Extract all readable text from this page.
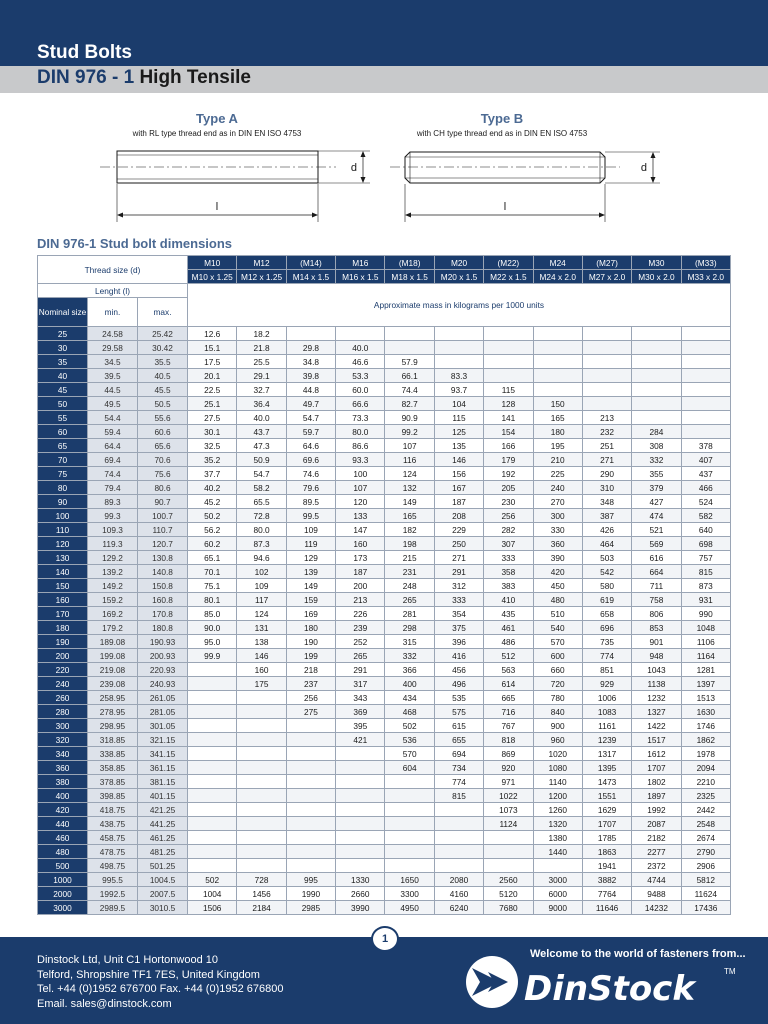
Stud Bolts
DIN 976 - 1 High Tensile
Type A
with RL type thread end as in DIN EN ISO 4753
Type B
with CH type thread end as in DIN EN ISO 4753
d
l
d
l
DIN 976-1 Stud bolt dimensions
Thread size (d)			M10	M12	(M14)	M16	(M18)	M20	(M22)	M24	(M27)	M30	(M33)
			M10 x 1.25	M12 x 1.25	M14 x 1.5	M16 x 1.5	M18 x 1.5	M20 x 1.5	M22 x 1.5	M24 x 2.0	M27 x 2.0	M30 x 2.0	M33 x 2.0
Lenght (l)			Approximate mass in kilograms per 1000 units										
Nominal size	min.	max.											
25	24.58	25.42	12.6	18.2									
30	29.58	30.42	15.1	21.8	29.8	40.0							
35	34.5	35.5	17.5	25.5	34.8	46.6	57.9						
40	39.5	40.5	20.1	29.1	39.8	53.3	66.1	83.3					
45	44.5	45.5	22.5	32.7	44.8	60.0	74.4	93.7	115				
50	49.5	50.5	25.1	36.4	49.7	66.6	82.7	104	128	150			
55	54.4	55.6	27.5	40.0	54.7	73.3	90.9	115	141	165	213		
60	59.4	60.6	30.1	43.7	59.7	80.0	99.2	125	154	180	232	284	
65	64.4	65.6	32.5	47.3	64.6	86.6	107	135	166	195	251	308	378
70	69.4	70.6	35.2	50.9	69.6	93.3	116	146	179	210	271	332	407
75	74.4	75.6	37.7	54.7	74.6	100	124	156	192	225	290	355	437
80	79.4	80.6	40.2	58.2	79.6	107	132	167	205	240	310	379	466
90	89.3	90.7	45.2	65.5	89.5	120	149	187	230	270	348	427	524
100	99.3	100.7	50.2	72.8	99.5	133	165	208	256	300	387	474	582
110	109.3	110.7	56.2	80.0	109	147	182	229	282	330	426	521	640
120	119.3	120.7	60.2	87.3	119	160	198	250	307	360	464	569	698
130	129.2	130.8	65.1	94.6	129	173	215	271	333	390	503	616	757
140	139.2	140.8	70.1	102	139	187	231	291	358	420	542	664	815
150	149.2	150.8	75.1	109	149	200	248	312	383	450	580	711	873
160	159.2	160.8	80.1	117	159	213	265	333	410	480	619	758	931
170	169.2	170.8	85.0	124	169	226	281	354	435	510	658	806	990
180	179.2	180.8	90.0	131	180	239	298	375	461	540	696	853	1048
190	189.08	190.93	95.0	138	190	252	315	396	486	570	735	901	1106
200	199.08	200.93	99.9	146	199	265	332	416	512	600	774	948	1164
220	219.08	220.93		160	218	291	366	456	563	660	851	1043	1281
240	239.08	240.93		175	237	317	400	496	614	720	929	1138	1397
260	258.95	261.05			256	343	434	535	665	780	1006	1232	1513
280	278.95	281.05			275	369	468	575	716	840	1083	1327	1630
300	298.95	301.05				395	502	615	767	900	1161	1422	1746
320	318.85	321.15				421	536	655	818	960	1239	1517	1862
340	338.85	341.15					570	694	869	1020	1317	1612	1978
360	358.85	361.15					604	734	920	1080	1395	1707	2094
380	378.85	381.15						774	971	1140	1473	1802	2210
400	398.85	401.15						815	1022	1200	1551	1897	2325
420	418.75	421.25							1073	1260	1629	1992	2442
440	438.75	441.25							1124	1320	1707	2087	2548
460	458.75	461.25								1380	1785	2182	2674
480	478.75	481.25								1440	1863	2277	2790
500	498.75	501.25									1941	2372	2906
1000	995.5	1004.5	502	728	995	1330	1650	2080	2560	3000	3882	4744	5812
2000	1992.5	2007.5	1004	1456	1990	2660	3300	4160	5120	6000	7764	9488	11624
3000	2989.5	3010.5	1506	2184	2985	3990	4950	6240	7680	9000	11646	14232	17436
1
Dinstock Ltd, Unit C1 Hortonwood 10
Telford, Shropshire TF1 7ES, United Kingdom
Tel. +44 (0)1952 676700 Fax. +44 (0)1952 676800
Email. sales@dinstock.com
Welcome to the world of fasteners from...
DinStock	TM
